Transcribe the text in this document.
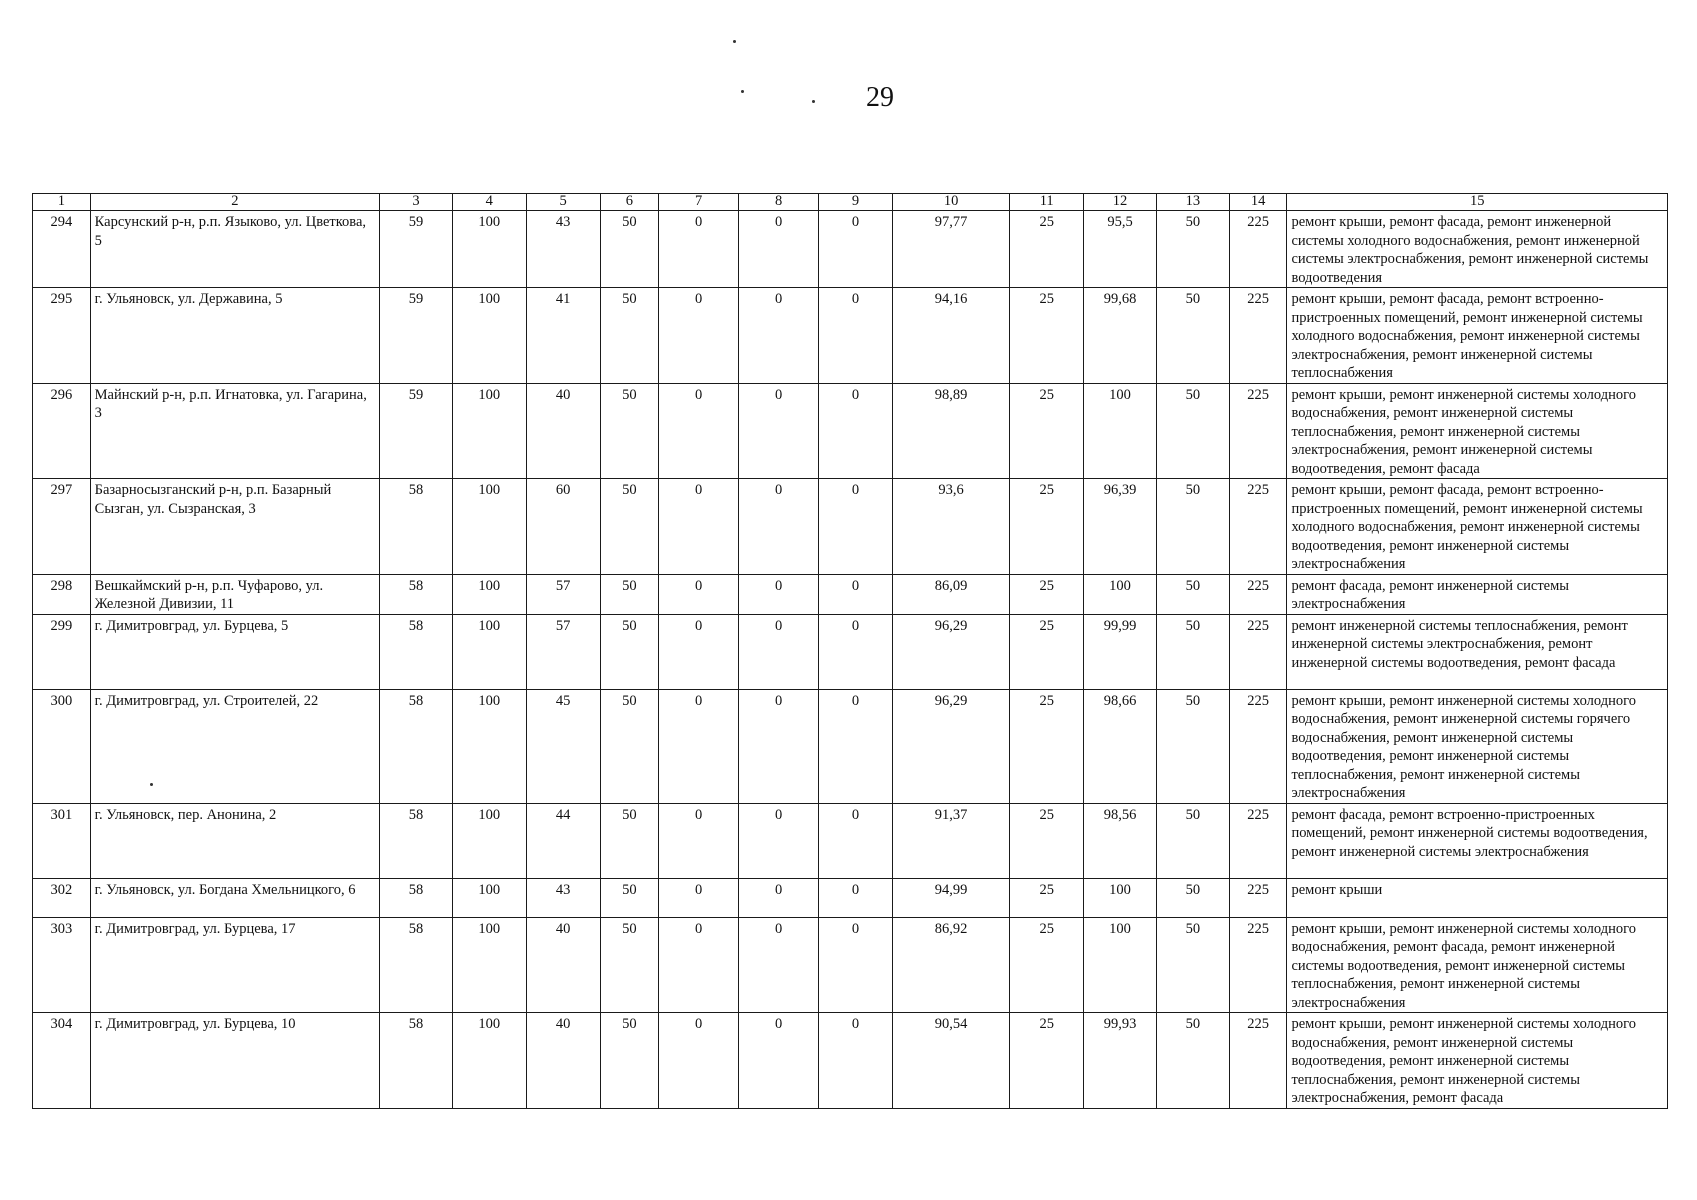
29
1	2	3	4	5	6	7	8	9	10	11	12	13	14	15
294	Карсунский р-н, р.п. Языково, ул. Цветкова, 5	59	100	43	50	0	0	0	97,77	25	95,5	50	225	ремонт крыши, ремонт фасада, ремонт инженерной системы холодного водоснабжения, ремонт инженерной системы электроснабжения, ремонт инженерной системы водоотведения
295	г. Ульяновск, ул. Державина, 5	59	100	41	50	0	0	0	94,16	25	99,68	50	225	ремонт крыши, ремонт фасада, ремонт встроенно-пристроенных помещений, ремонт инженерной системы холодного водоснабжения, ремонт инженерной системы электроснабжения, ремонт инженерной системы теплоснабжения
296	Майнский р-н, р.п. Игнатовка, ул. Гагарина, 3	59	100	40	50	0	0	0	98,89	25	100	50	225	ремонт крыши, ремонт инженерной системы холодного водоснабжения, ремонт инженерной системы теплоснабжения, ремонт инженерной системы электроснабжения, ремонт инженерной системы водоотведения, ремонт фасада
297	Базарносызганский р-н, р.п. Базарный Сызган, ул. Сызранская, 3	58	100	60	50	0	0	0	93,6	25	96,39	50	225	ремонт крыши, ремонт фасада, ремонт встроенно-пристроенных помещений, ремонт инженерной системы холодного водоснабжения, ремонт инженерной системы водоотведения, ремонт инженерной системы электроснабжения
298	Вешкаймский р-н, р.п. Чуфарово, ул. Железной Дивизии, 11	58	100	57	50	0	0	0	86,09	25	100	50	225	ремонт фасада, ремонт инженерной системы электроснабжения
299	г. Димитровград, ул. Бурцева, 5	58	100	57	50	0	0	0	96,29	25	99,99	50	225	ремонт инженерной системы теплоснабжения, ремонт инженерной системы электроснабжения, ремонт инженерной системы водоотведения, ремонт фасада
300	г. Димитровград, ул. Строителей, 22	58	100	45	50	0	0	0	96,29	25	98,66	50	225	ремонт крыши, ремонт инженерной системы холодного водоснабжения, ремонт инженерной системы горячего водоснабжения, ремонт инженерной системы водоотведения, ремонт инженерной системы теплоснабжения, ремонт инженерной системы электроснабжения
301	г. Ульяновск, пер. Анонина, 2	58	100	44	50	0	0	0	91,37	25	98,56	50	225	ремонт фасада, ремонт встроенно-пристроенных помещений, ремонт инженерной системы водоотведения, ремонт инженерной системы электроснабжения
302	г. Ульяновск, ул. Богдана Хмельницкого, 6	58	100	43	50	0	0	0	94,99	25	100	50	225	ремонт крыши
303	г. Димитровград, ул. Бурцева, 17	58	100	40	50	0	0	0	86,92	25	100	50	225	ремонт крыши, ремонт инженерной системы холодного водоснабжения, ремонт фасада, ремонт инженерной системы водоотведения, ремонт инженерной системы теплоснабжения, ремонт инженерной системы электроснабжения
304	г. Димитровград, ул. Бурцева, 10	58	100	40	50	0	0	0	90,54	25	99,93	50	225	ремонт крыши, ремонт инженерной системы холодного водоснабжения, ремонт инженерной системы водоотведения, ремонт инженерной системы теплоснабжения, ремонт инженерной системы электроснабжения, ремонт фасада
